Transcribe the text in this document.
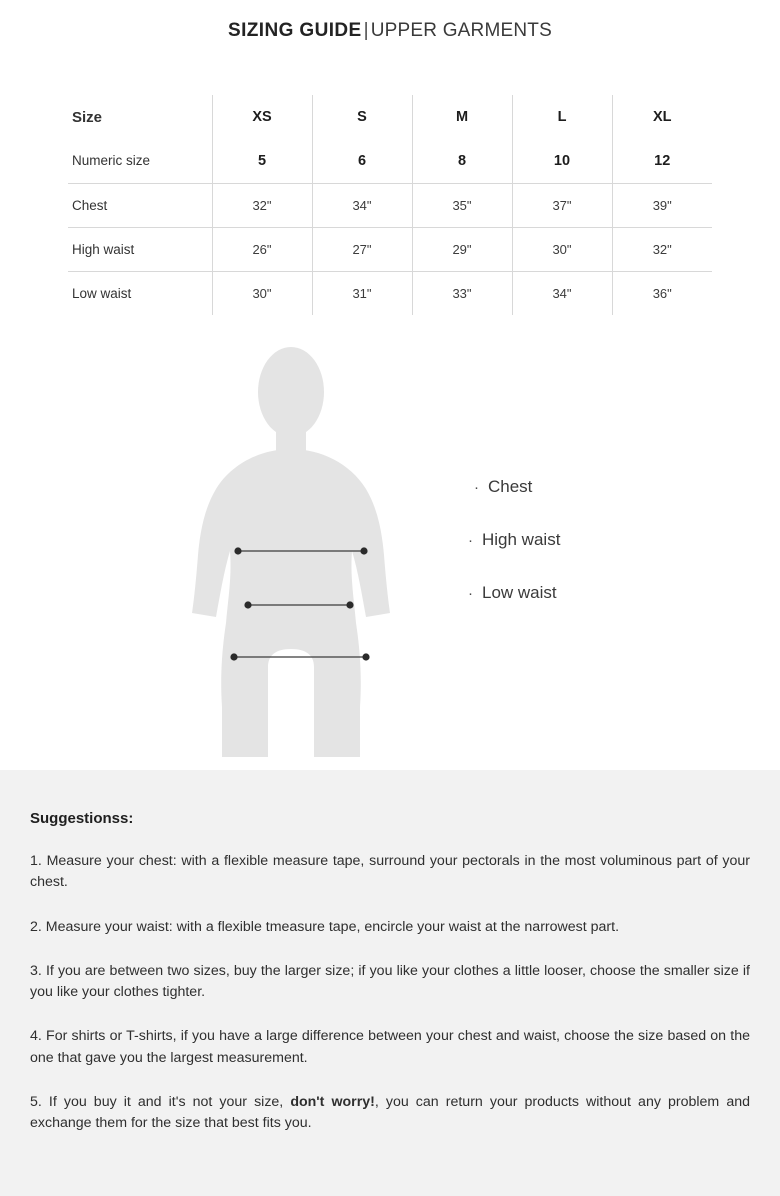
SIZING GUIDE | UPPER GARMENTS
Size	XS	S	M	L	XL
Numeric size	5	6	8	10	12
Chest	32"	34"	35"	37"	39"
High waist	26"	27"	29"	30"	32"
Low waist	30"	31"	33"	34"	36"
· Chest
· High waist
· Low waist
Suggestionss:

1. Measure your chest: with a flexible measure tape, surround your pectorals in the most voluminous part of your chest.

2. Measure your waist: with a flexible tmeasure tape, encircle your waist at the narrowest part.

3. If you are between two sizes, buy the larger size; if you like your clothes a little looser, choose the smaller size if you like your clothes tighter.

4. For shirts or T-shirts, if you have a large difference between your chest and waist, choose the size based on the one that gave you the largest measurement.

5. If you buy it and it's not your size, don't worry!, you can return your products without any problem and exchange them for the size that best fits you.
